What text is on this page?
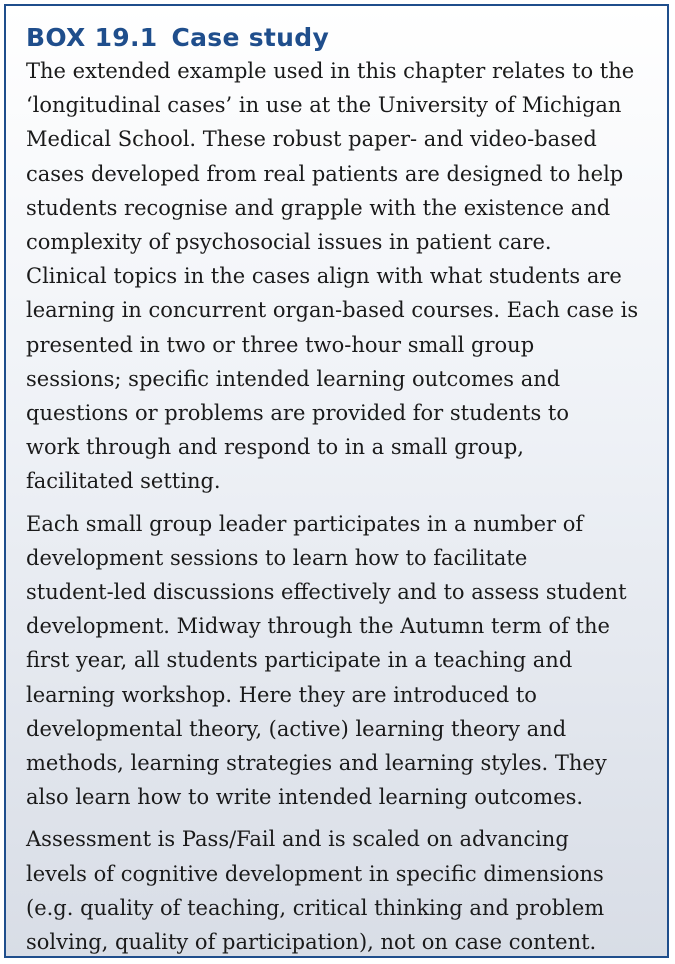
BOX 19.1 Case study

The extended example used in this chapter relates to the
‘longitudinal cases’ in use at the University of Michigan
Medical School. These robust paper- and video-based
cases developed from real patients are designed to help
students recognise and grapple with the existence and
complexity of psychosocial issues in patient care.
Clinical topics in the cases align with what students are
learning in concurrent organ-based courses. Each case is
presented in two or three two-hour small group
sessions; specific intended learning outcomes and
questions or problems are provided for students to
work through and respond to in a small group,
facilitated setting.

Each small group leader participates in a number of
development sessions to learn how to facilitate
student-led discussions effectively and to assess student
development. Midway through the Autumn term of the
first year, all students participate in a teaching and
learning workshop. Here they are introduced to
developmental theory, (active) learning theory and
methods, learning strategies and learning styles. They
also learn how to write intended learning outcomes.

Assessment is Pass/Fail and is scaled on advancing
levels of cognitive development in specific dimensions
(e.g. quality of teaching, critical thinking and problem
solving, quality of participation), not on case content.
